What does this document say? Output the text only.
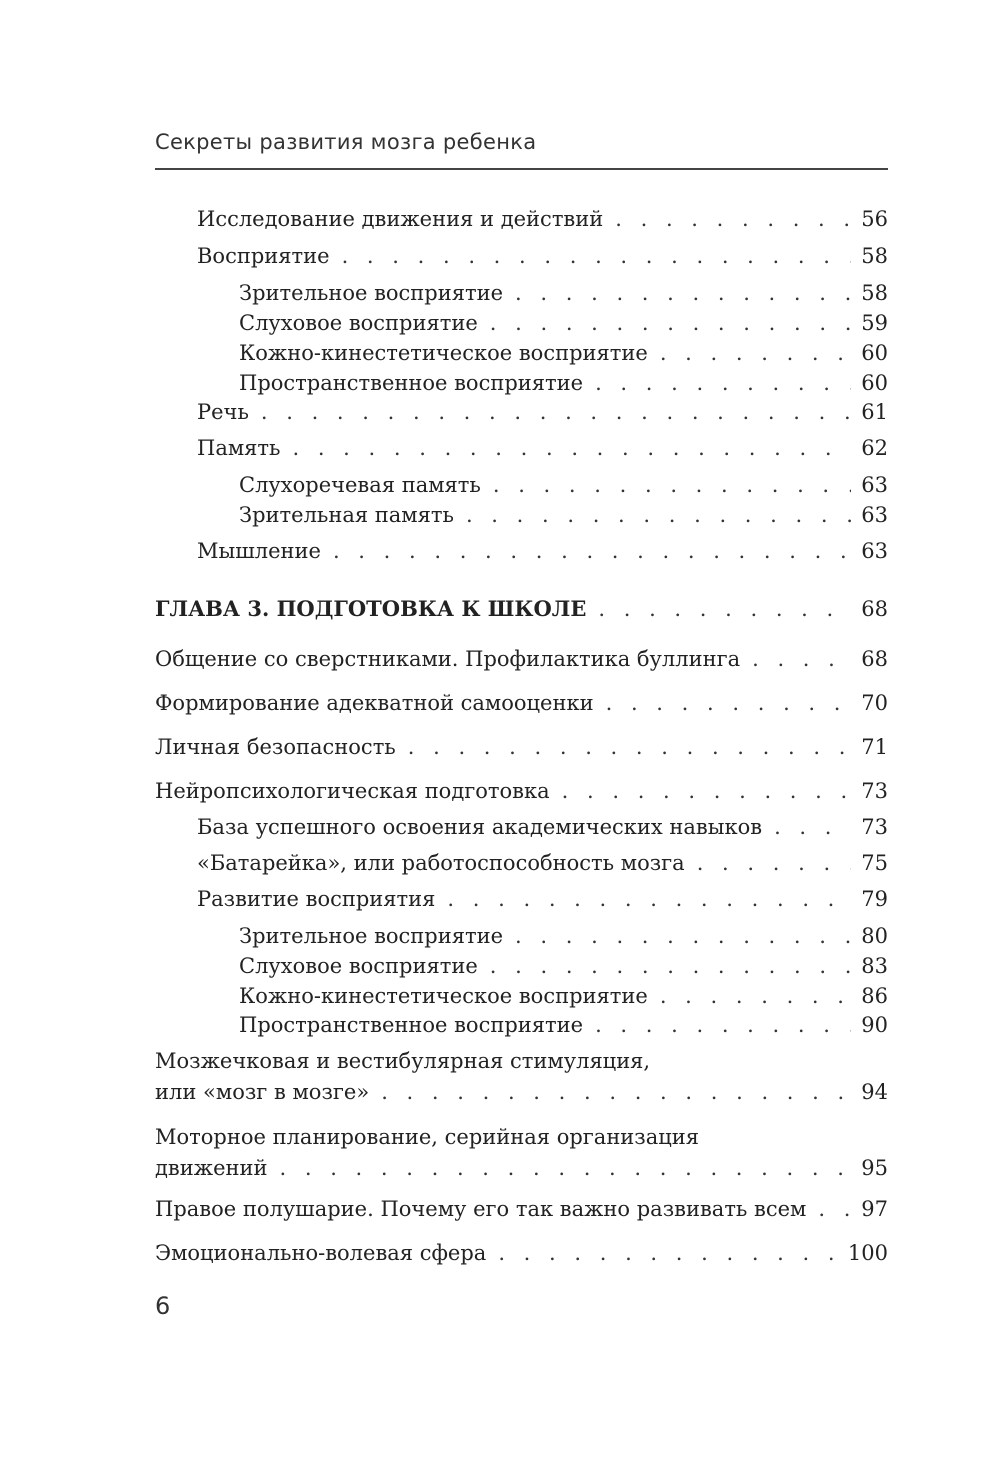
Секреты развития мозга ребенка
Исследование движения и действий . . .	56
Восприятие . . .	58
Зрительное восприятие . . .	58
Слуховое восприятие . . .	59
Кожно-кинестетическое восприятие . . .	60
Пространственное восприятие . . .	60
Речь . . .	61
Память . . .	62
Слухоречевая память . . .	63
Зрительная память . . .	63
Мышление . . .	63
ГЛАВА 3. ПОДГОТОВКА К ШКОЛЕ . . .	68
Общение со сверстниками. Профилактика буллинга . . .	68
Формирование адекватной самооценки . . .	70
Личная безопасность . . .	71
Нейропсихологическая подготовка . . .	73
База успешного освоения академических навыков . . .	73
«Батарейка», или работоспособность мозга . . .	75
Развитие восприятия . . .	79
Зрительное восприятие . . .	80
Слуховое восприятие . . .	83
Кожно-кинестетическое восприятие . . .	86
Пространственное восприятие . . .	90
Мозжечковая и вестибулярная стимуляция,
или «мозг в мозге» . . .	94
Моторное планирование, серийная организация
движений . . .	95
Правое полушарие. Почему его так важно развивать всем . . .	97
Эмоционально-волевая сфера . . .	100
6
